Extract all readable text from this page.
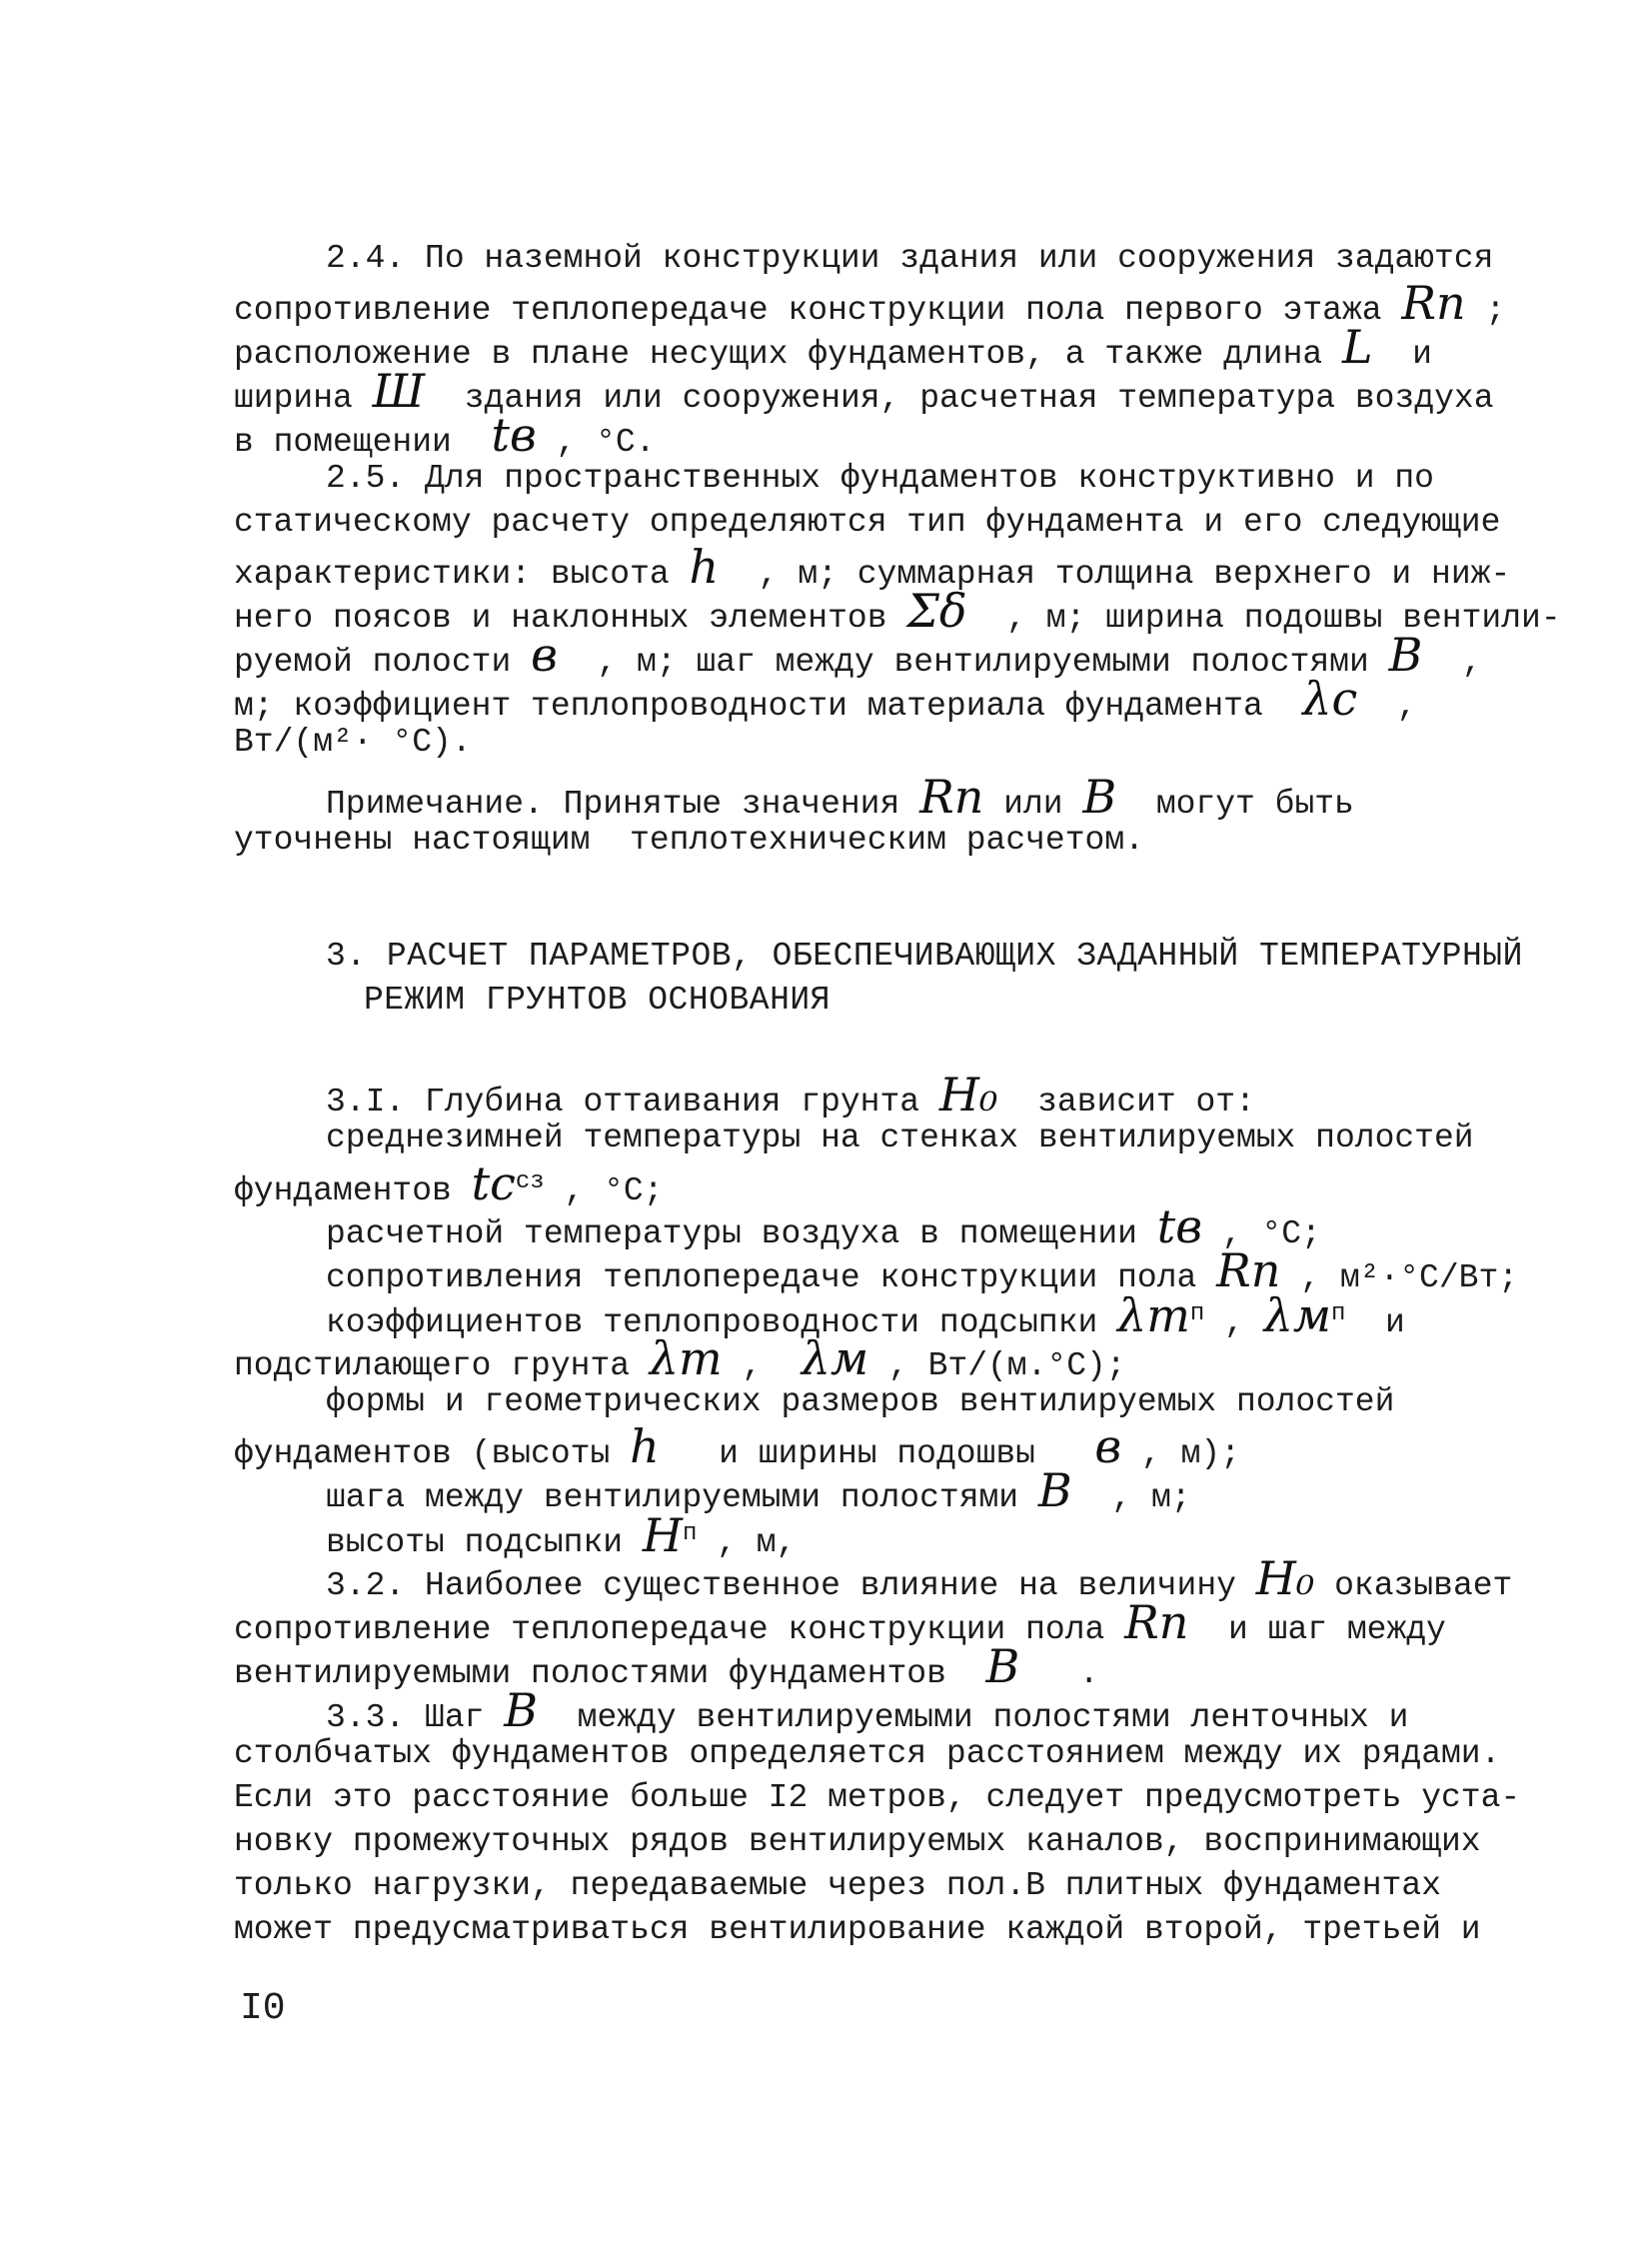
2.4. По наземной конструкции здания или сооружения задаются
сопротивление теплопередаче конструкции пола первого этажа Rп ;
расположение в плане несущих фундаментов, а также длина L  и
ширина Ш  здания или сооружения, расчетная температура воздуха
в помещении  tв , °С.
2.5. Для пространственных фундаментов конструктивно и по
статическому расчету определяются тип фундамента и его следующие
характеристики: высота h  , м; суммарная толщина верхнего и ниж-
него поясов и наклонных элементов Σδ  , м; ширина подошвы вентили-
руемой полости в  , м; шаг между вентилируемыми полостями В  ,
м; коэффициент теплопроводности материала фундамента  λс  ,
Вт/(м²· °С).
Примечание. Принятые значения Rп или В  могут быть
уточнены настоящим  теплотехническим расчетом.
3. РАСЧЕТ ПАРАМЕТРОВ, ОБЕСПЕЧИВАЮЩИХ ЗАДАННЫЙ ТЕМПЕРАТУРНЫЙ
РЕЖИМ ГРУНТОВ ОСНОВАНИЯ
3.I. Глубина оттаивания грунта H₀  зависит от:
среднезимней температуры на стенках вентилируемых полостей
фундаментов $tс^{сз}$ , °С;
расчетной температуры воздуха в помещении tв , °С;
сопротивления теплопередаче конструкции пола Rп , м²·°С/Вт;
коэффициентов теплопроводности подсыпки $\lambda т^п$ , $\lambda м^п$  и
подстилающего грунта λт ,  λм , Вт/(м.°С);
формы и геометрических размеров вентилируемых полостей
фундаментов (высоты h   и ширины подошвы   в , м);
шага между вентилируемыми полостями В  , м;
высоты подсыпки $H^п$ , м,
3.2. Наиболее существенное влияние на величину H₀ оказывает
сопротивление теплопередаче конструкции пола Rп  и шаг между
вентилируемыми полостями фундаментов  В   .
3.3. Шаг В  между вентилируемыми полостями ленточных и
столбчатых фундаментов определяется расстоянием между их рядами.
Если это расстояние больше I2 метров, следует предусмотреть уста-
новку промежуточных рядов вентилируемых каналов, воспринимающих
только нагрузки, передаваемые через пол.В плитных фундаментах
может предусматриваться вентилирование каждой второй, третьей и
I0
